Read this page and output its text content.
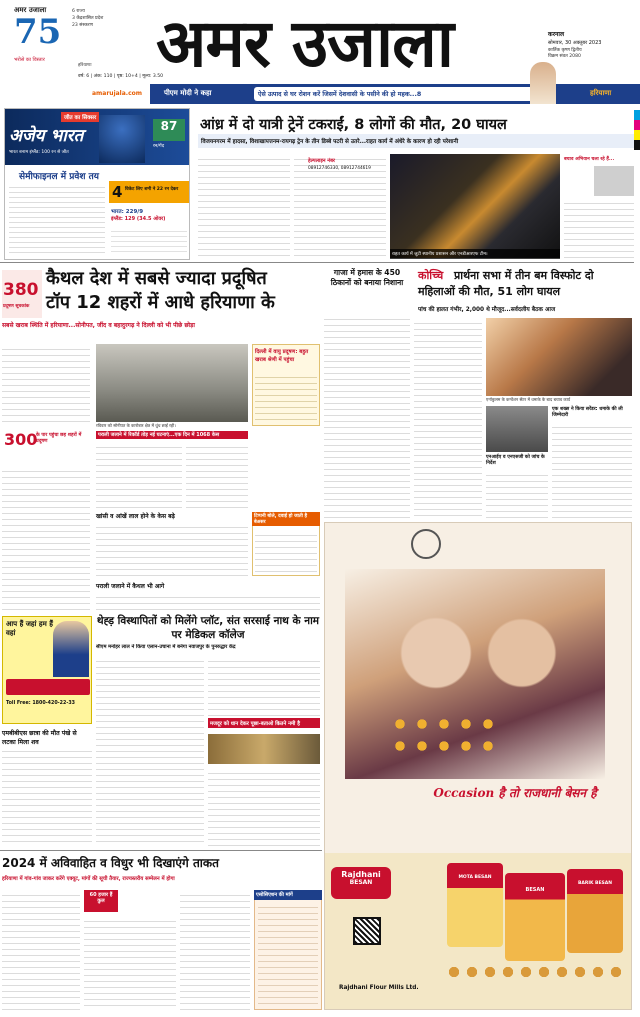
अमर उजाला
75
भरोसे का विस्तार
6 राज्य
3 केंद्रशासित प्रदेश
23 संस्करण
हरियाणा
वर्ष: 6 | अंक: 110 | पृष्ठ: 10+4 | मूल्य: 3.50
अमर उजाला	करनाल
सोमवार, 30 अक्तूबर 2023
कार्तिक कृष्ण द्वितीय
विक्रम संवत 2080
amarujala.com	पीएम मोदी ने कहा	ऐसे उत्पाद से घर रोशन करें जिसमें देशवासी के पसीने की हो महक...8	हरियाणा
अजेय भारत
जीत का सिक्सर
87
रन/गेंद
भारत बनाम इंग्लैंड: 100 रन से जीत
सेमीफाइनल में प्रवेश तय
4 विकेट लिए शमी ने 22 रन देकर
भारत: 229/9
इंग्लैंड: 129 (34.5 ओवर)
आंध्र में दो यात्री ट्रेनें टकराईं, 8 लोगों की मौत, 20 घायल
विजयनगरम में हादसा, विशाखापत्तनम-रायगढ़ ट्रेन के तीन डिब्बे पटरी से उतरे...राहत कार्य में अंधेरे के कारण हो रही परेशानी
हेल्पलाइन नंबर
08912746330, 08912744619
राहत कार्य में जुटी स्थानीय प्रशासन और एनडीआरएफ टीम।
बचाव अभियान चला रहे हैं...
380
प्रदूषण सूचकांक
कैथल देश में सबसे ज्यादा प्रदूषित
टॉप 12 शहरों में आधे हरियाणा के
सबसे खराब स्थिति में हरियाणा...सोनीपत, जींद व बहादुरगढ़ ने दिल्ली को भी पीछे छोड़ा
300
के पार पहुंचा छह शहरों में प्रदूषण
रविवार को सोनीपत के कारोबार क्षेत्र में धुंध छाई रही।
दिल्ली में वायु प्रदूषण: बहुत खराब श्रेणी में पहुंचा
पराली जलाने में रिकॉर्ड तोड़ नई घटनाएं...एक दिन में 1068 केस
खांसी व आंखें लाल होने के केस बढ़े	टिप्पनी बोले, दवाई हो जाती है बेअसर
पराली जलाने में कैथल भी आगे
गाजा में हमास के 450 ठिकानों को बनाया निशाना
कोच्चि प्रार्थना सभा में तीन बम विस्फोट दो महिलाओं की मौत, 51 लोग घायल
पांच की हालत गंभीर, 2,000 थे मौजूद...सर्वदलीय बैठक आज
एर्नाकुलम के कन्वेंशन सेंटर में धमाके के बाद बचाव कार्य
एनआईए व एनएसजी को जांच के निर्देश
एक शख्स ने किया सरेंडर: धमाके की ली जिम्मेदारी
आप हैं जहां हम हैं वहां
Toll Free: 1800-420-22-33
एमबीबीएस छात्रा की मौत पंखे से लटका मिला शव
थेह्ड़ विस्थापितों को मिलेंगे प्लॉट, संत सरसाई नाथ के नाम पर मेडिकल कॉलेज
सीएम मनोहर लाल ने किया एलान-उचाना में बनेगा नवाजपुर के पुनरुद्धार केंद्र
मजदूर को धान देकर पूछा-बताओ कितने नमी है
Occasion है तो राजधानी बेसन है
Rajdhani
BESAN
MOTA BESAN
BESAN
BARIK BESAN
Rajdhani Flour Mills Ltd.
2024 में अविवाहित व विधुर भी दिखाएंगे ताकत
हरियाणा में गांव-गांव जाकर करेंगे एक्यूट, मांगों की सूची तैयार, राज्यस्तरीय सम्मेलन में होगा
60 हजार हैं कुल
एसोसिएशन की मांगें
